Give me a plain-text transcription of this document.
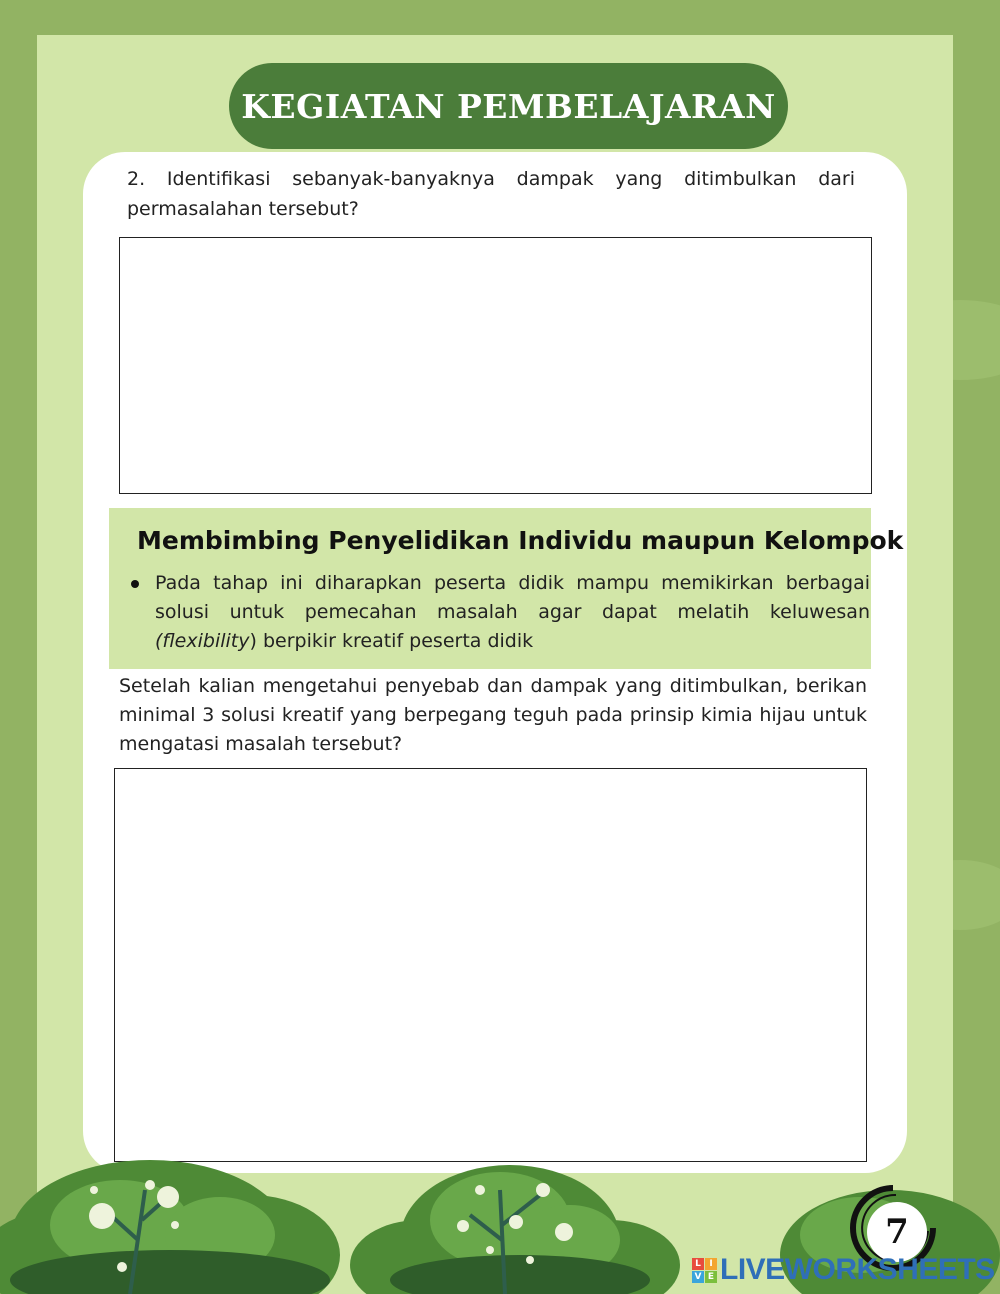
KEGIATAN PEMBELAJARAN
2. Identifikasi sebanyak-banyaknya dampak yang ditimbulkan dari permasalahan tersebut?
Membimbing Penyelidikan Individu maupun Kelompok
Pada tahap ini diharapkan peserta didik mampu memikirkan berbagai solusi untuk pemecahan masalah agar dapat melatih keluwesan (flexibility) berpikir kreatif peserta didik
Setelah kalian mengetahui penyebab dan dampak yang ditimbulkan, berikan minimal 3 solusi kreatif yang berpegang teguh pada prinsip kimia hijau untuk mengatasi masalah tersebut?
7
L I
V E LIVEWORKSHEETS
